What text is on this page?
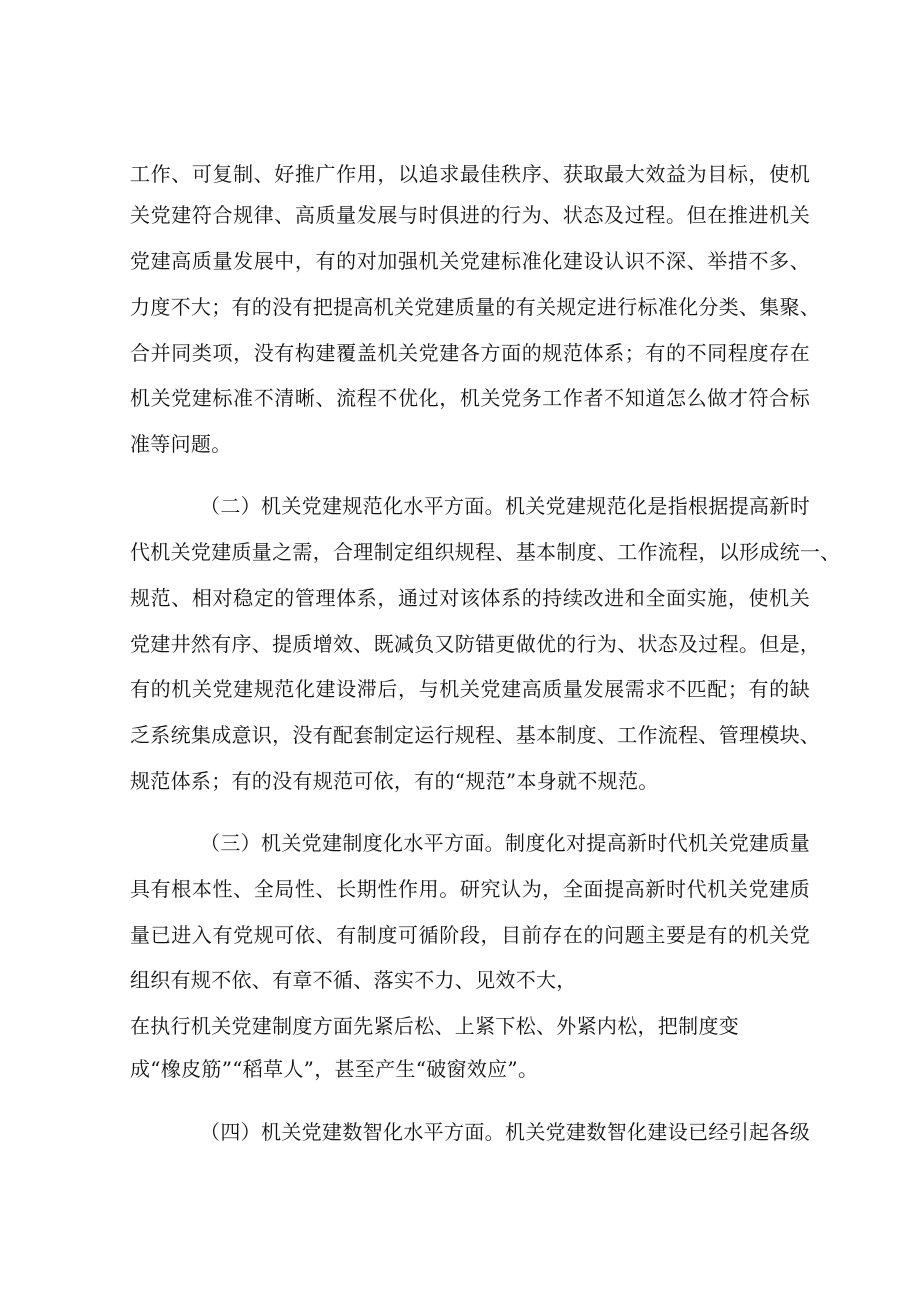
工作、可复制、好推广作用，以追求最佳秩序、获取最大效益为目标，使机
关党建符合规律、高质量发展与时俱进的行为、状态及过程。但在推进机关
党建高质量发展中，有的对加强机关党建标准化建设认识不深、举措不多、
力度不大；有的没有把提高机关党建质量的有关规定进行标准化分类、集聚、
合并同类项，没有构建覆盖机关党建各方面的规范体系；有的不同程度存在
机关党建标准不清晰、流程不优化，机关党务工作者不知道怎么做才符合标
准等问题。
（二）机关党建规范化水平方面。机关党建规范化是指根据提高新时
代机关党建质量之需，合理制定组织规程、基本制度、工作流程，以形成统一、
规范、相对稳定的管理体系，通过对该体系的持续改进和全面实施，使机关
党建井然有序、提质增效、既减负又防错更做优的行为、状态及过程。但是，
有的机关党建规范化建设滞后，与机关党建高质量发展需求不匹配；有的缺
乏系统集成意识，没有配套制定运行规程、基本制度、工作流程、管理模块、
规范体系；有的没有规范可依，有的“规范”本身就不规范。
（三）机关党建制度化水平方面。制度化对提高新时代机关党建质量
具有根本性、全局性、长期性作用。研究认为，全面提高新时代机关党建质
量已进入有党规可依、有制度可循阶段，目前存在的问题主要是有的机关党
组织有规不依、有章不循、落实不力、见效不大，
在执行机关党建制度方面先紧后松、上紧下松、外紧内松，把制度变
成“橡皮筋”“稻草人”，甚至产生“破窗效应”。
（四）机关党建数智化水平方面。机关党建数智化建设已经引起各级
